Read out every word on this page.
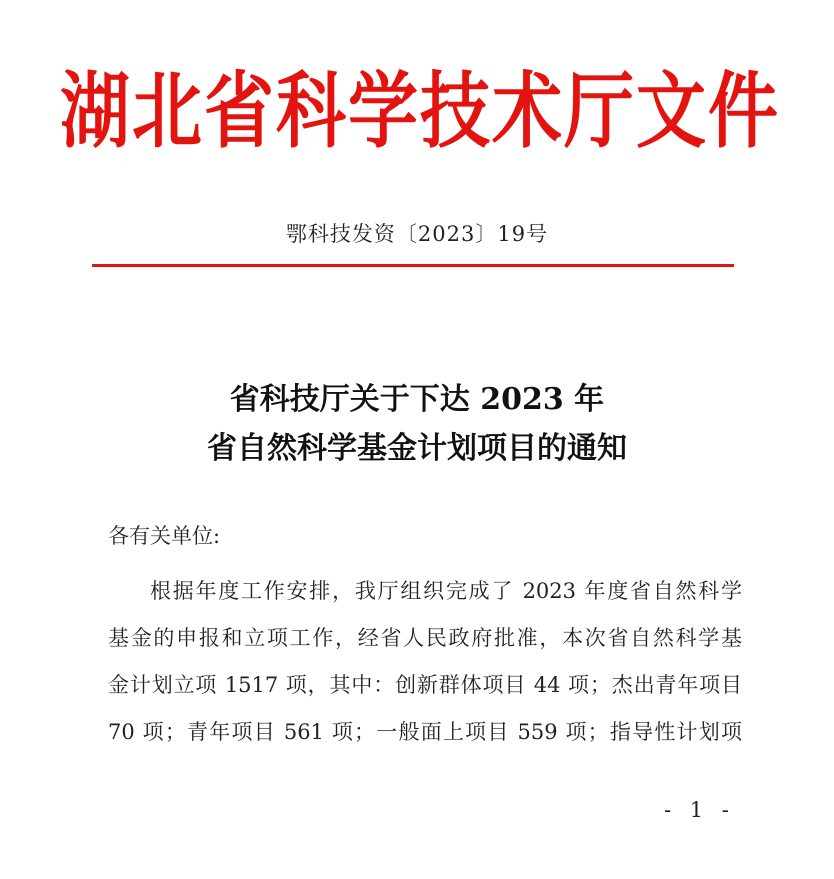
湖北省科学技术厅文件
鄂科技发资〔2023〕19号
省科技厅关于下达 2023 年
省自然科学基金计划项目的通知
各有关单位:
根据年度工作安排，我厅组织完成了 2023 年度省自然科学
基金的申报和立项工作，经省人民政府批准，本次省自然科学基
金计划立项 1517 项，其中：创新群体项目 44 项；杰出青年项目
70 项；青年项目 561 项；一般面上项目 559 项；指导性计划项
- 1 -
